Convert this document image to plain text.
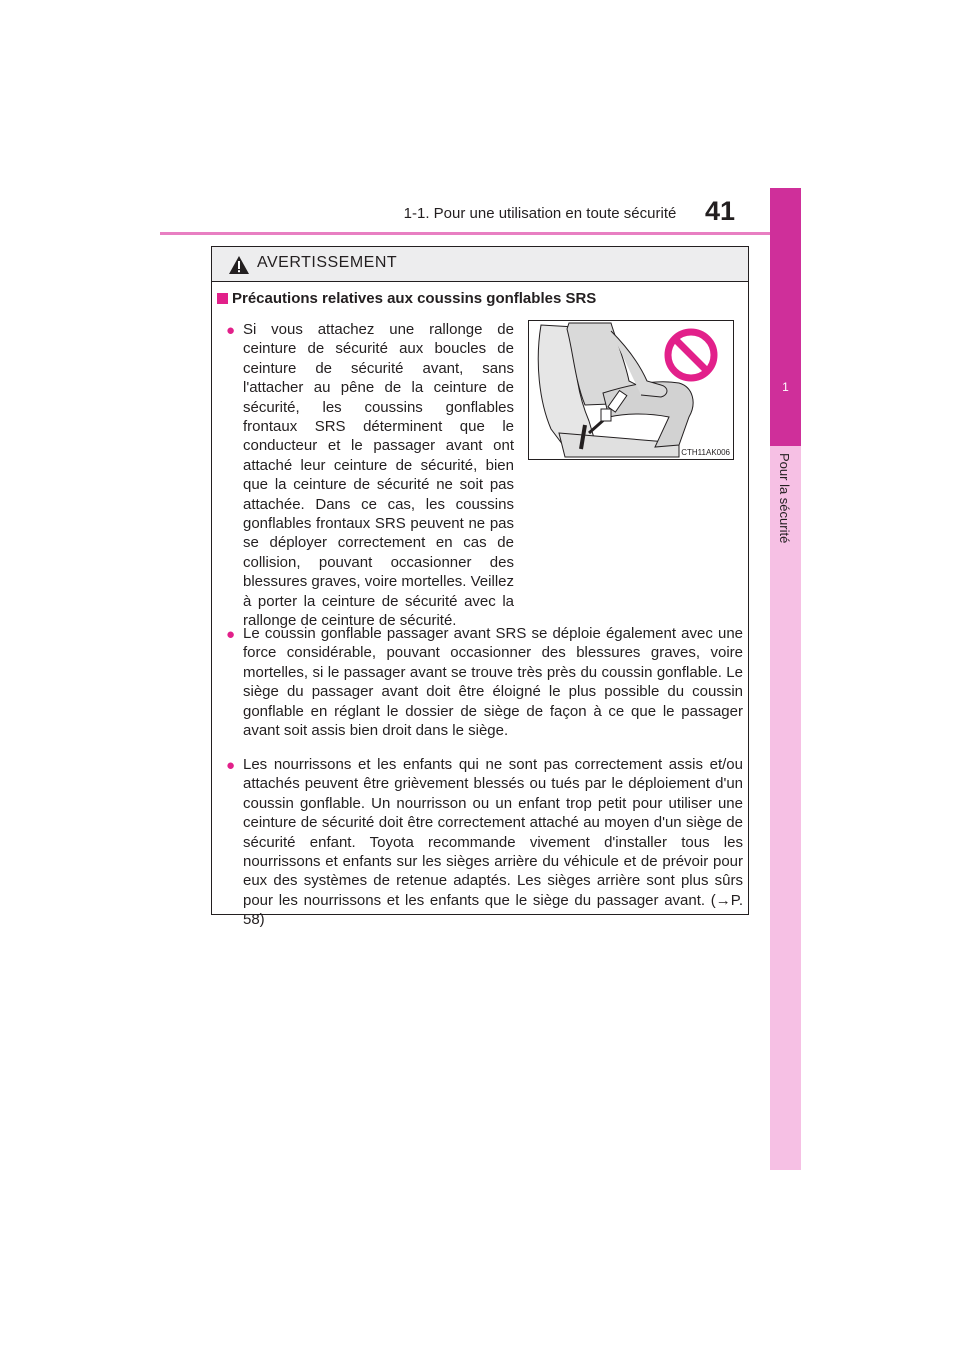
1-1. Pour une utilisation en toute sécurité	41
1
Pour la sécurité
AVERTISSEMENT
Précautions relatives aux coussins gonflables SRS
● Si vous attachez une rallonge de ceinture de sécurité aux boucles de ceinture de sécurité avant, sans l'attacher au pêne de la ceinture de sécurité, les coussins gonflables frontaux SRS déterminent que le conducteur et le passager avant ont attaché leur ceinture de sécurité, bien que la ceinture de sécurité ne soit pas attachée. Dans ce cas, les coussins gonflables frontaux SRS peuvent ne pas se déployer correctement en cas de collision, pouvant occasionner des blessures graves, voire mortelles. Veillez à porter la ceinture de sécurité avec la rallonge de ceinture de sécurité.
CTH11AK006
● Le coussin gonflable passager avant SRS se déploie également avec une force considérable, pouvant occasionner des blessures graves, voire mortelles, si le passager avant se trouve très près du coussin gonflable. Le siège du passager avant doit être éloigné le plus possible du coussin gonflable en réglant le dossier de siège de façon à ce que le passager avant soit assis bien droit dans le siège.
● Les nourrissons et les enfants qui ne sont pas correctement assis et/ou attachés peuvent être grièvement blessés ou tués par le déploiement d'un coussin gonflable. Un nourrisson ou un enfant trop petit pour utiliser une ceinture de sécurité doit être correctement attaché au moyen d'un siège de sécurité enfant. Toyota recommande vivement d'installer tous les nourrissons et enfants sur les sièges arrière du véhicule et de prévoir pour eux des systèmes de retenue adaptés. Les sièges arrière sont plus sûrs pour les nourrissons et les enfants que le siège du passager avant. (→P. 58)
